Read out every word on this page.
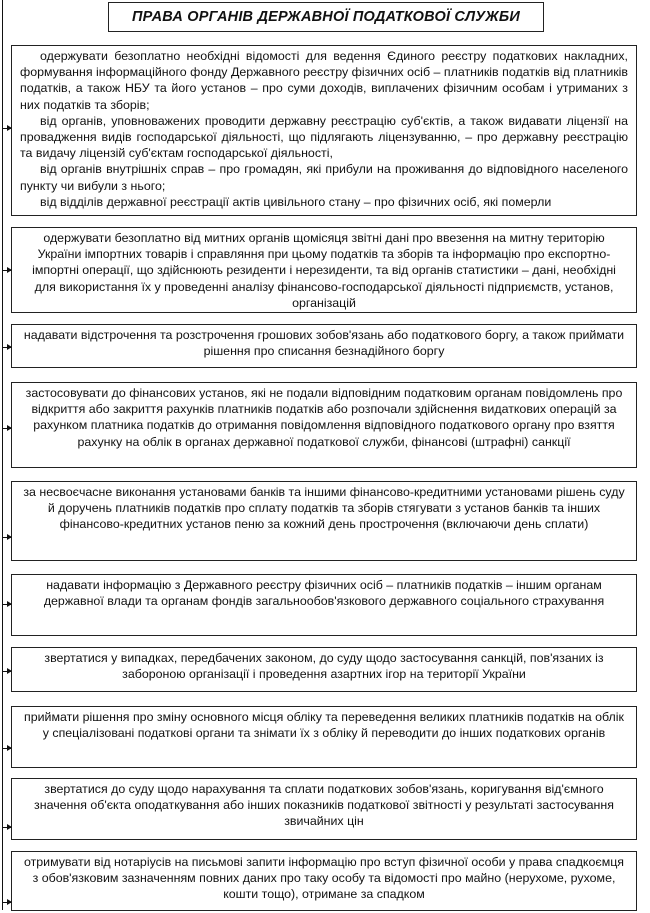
ПРАВА ОРГАНІВ ДЕРЖАВНОЇ ПОДАТКОВОЇ СЛУЖБИ

одержувати безоплатно необхідні відомості для ведення Єдиного реєстру податкових накладних, формування інформаційного фонду Державного реєстру фізичних осіб – платників податків від платників податків, а також НБУ та його установ – про суми доходів, виплачених фізичним особам і утриманих з них податків та зборів;

від органів, уповноважених проводити державну реєстрацію суб'єктів, а також видавати ліцензії на провадження видів господарської діяльності, що підлягають ліцензуванню, – про державну реєстрацію та видачу ліцензій суб'єктам господарської діяльності,

від органів внутрішніх справ – про громадян, які прибули на проживання до відповідного населеного пункту чи вибули з нього;

від відділів державної реєстрації актів цивільного стану – про фізичних осіб, які померли

одержувати безоплатно від митних органів щомісяця звітні дані про ввезення на митну територію України імпортних товарів і справляння при цьому податків та зборів та інформацію про експортно-імпортні операції, що здійснюють резиденти і нерезиденти, та від органів статистики – дані, необхідні для використання їх у проведенні аналізу фінансово-господарської діяльності підприємств, установ, організацій

надавати відстрочення та розстрочення грошових зобов'язань або податкового боргу, а також приймати рішення про списання безнадійного боргу

застосовувати до фінансових установ, які не подали відповідним податковим органам повідомлень про відкриття або закриття рахунків платників податків або розпочали здійснення видаткових операцій за рахунком платника податків до отримання повідомлення відповідного податкового органу про взяття рахунку на облік в органах державної податкової служби, фінансові (штрафні) санкції

за несвоєчасне виконання установами банків та іншими фінансово-кредитними установами рішень суду й доручень платників податків про сплату податків та зборів стягувати з установ банків та інших фінансово-кредитних установ пеню за кожний день прострочення (включаючи день сплати)

надавати інформацію з Державного реєстру фізичних осіб – платників податків – іншим органам державної влади та органам фондів загальнообов'язкового державного соціального страхування

звертатися у випадках, передбачених законом, до суду щодо застосування санкцій, пов'язаних із забороною організації і проведення азартних ігор на території України

приймати рішення про зміну основного місця обліку та переведення великих платників податків на облік у спеціалізовані податкові органи та знімати їх з обліку й переводити до інших податкових органів

звертатися до суду щодо нарахування та сплати податкових зобов'язань, коригування від'ємного значення об'єкта оподаткування або інших показників податкової звітності у результаті застосування звичайних цін

отримувати від нотаріусів на письмові запити інформацію про вступ фізичної особи у права спадкоємця з обов'язковим зазначенням повних даних про таку особу та відомості про майно (нерухоме, рухоме, кошти тощо), отримане за спадком
